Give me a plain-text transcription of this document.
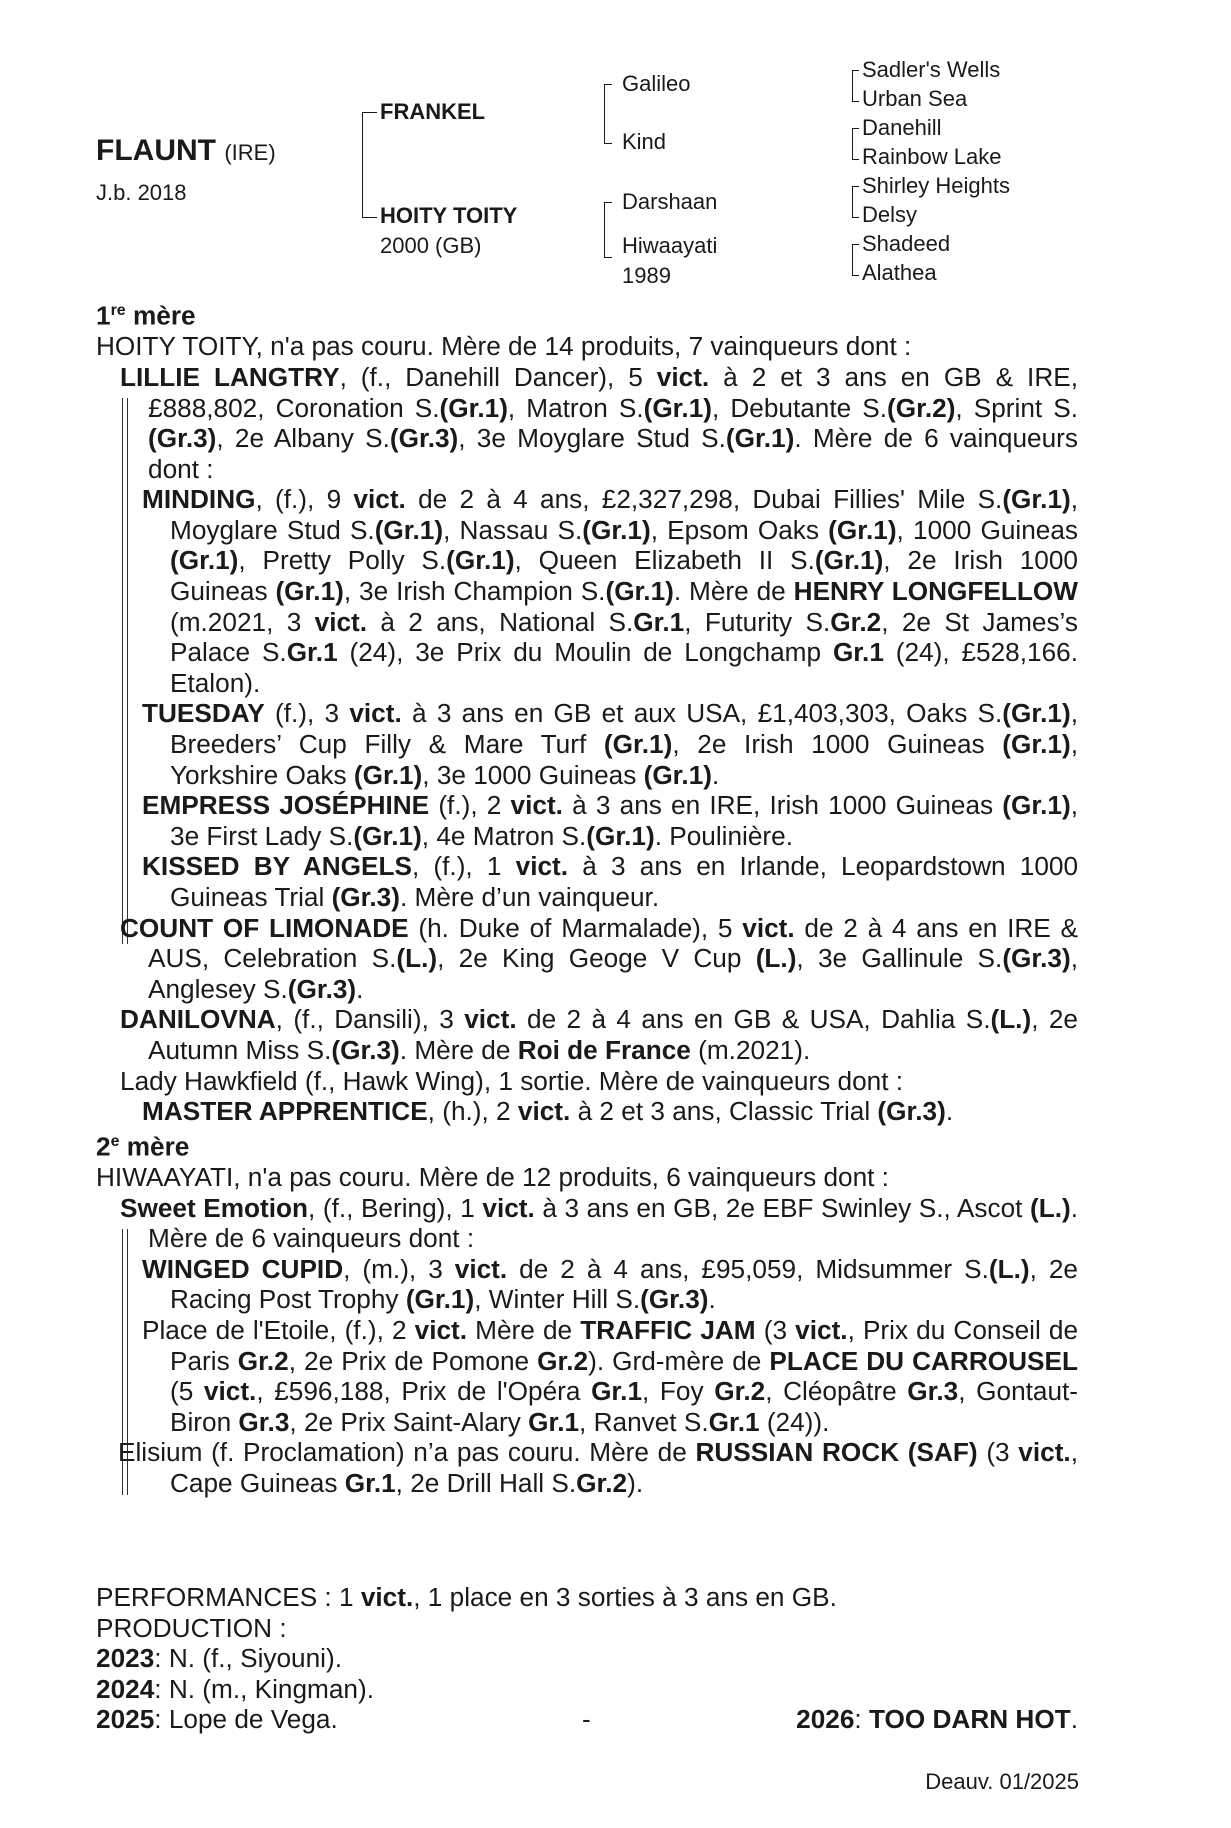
FLAUNT (IRE)
J.b. 2018
FRANKEL
HOITY TOITY
2000 (GB)
Galileo
Kind
Darshaan
Hiwaayati
1989
Sadler's Wells
Urban Sea
Danehill
Rainbow Lake
Shirley Heights
Delsy
Shadeed
Alathea
1re mère
HOITY TOITY, n'a pas couru. Mère de 14 produits, 7 vainqueurs dont :
LILLIE LANGTRY, (f., Danehill Dancer), 5 vict. à 2 et 3 ans en GB & IRE, £888,802, Coronation S.(Gr.1), Matron S.(Gr.1), Debutante S.(Gr.2), Sprint S.(Gr.3), 2e Albany S.(Gr.3), 3e Moyglare Stud S.(Gr.1). Mère de 6 vainqueurs dont :
MINDING, (f.), 9 vict. de 2 à 4 ans, £2,327,298, Dubai Fillies' Mile S.(Gr.1), Moyglare Stud S.(Gr.1), Nassau S.(Gr.1), Epsom Oaks (Gr.1), 1000 Guineas (Gr.1), Pretty Polly S.(Gr.1), Queen Elizabeth II S.(Gr.1), 2e Irish 1000 Guineas (Gr.1), 3e Irish Champion S.(Gr.1). Mère de HENRY LONGFELLOW (m.2021, 3 vict. à 2 ans, National S.Gr.1, Futurity S.Gr.2, 2e St James’s Palace S.Gr.1 (24), 3e Prix du Moulin de Longchamp Gr.1 (24), £528,166. Etalon).
TUESDAY (f.), 3 vict. à 3 ans en GB et aux USA, £1,403,303, Oaks S.(Gr.1), Breeders’ Cup Filly & Mare Turf (Gr.1), 2e Irish 1000 Guineas (Gr.1), Yorkshire Oaks (Gr.1), 3e 1000 Guineas (Gr.1).
EMPRESS JOSÉPHINE (f.), 2 vict. à 3 ans en IRE, Irish 1000 Guineas (Gr.1), 3e First Lady S.(Gr.1), 4e Matron S.(Gr.1). Poulinière.
KISSED BY ANGELS, (f.), 1 vict. à 3 ans en Irlande, Leopardstown 1000 Guineas Trial (Gr.3). Mère d’un vainqueur.
COUNT OF LIMONADE (h. Duke of Marmalade), 5 vict. de 2 à 4 ans en IRE & AUS, Celebration S.(L.), 2e King Geoge V Cup (L.), 3e Gallinule S.(Gr.3), Anglesey S.(Gr.3).
DANILOVNA, (f., Dansili), 3 vict. de 2 à 4 ans en GB & USA, Dahlia S.(L.), 2e Autumn Miss S.(Gr.3). Mère de Roi de France (m.2021).
Lady Hawkfield (f., Hawk Wing), 1 sortie. Mère de vainqueurs dont :
MASTER APPRENTICE, (h.), 2 vict. à 2 et 3 ans, Classic Trial (Gr.3).
2e mère
HIWAAYATI, n'a pas couru. Mère de 12 produits, 6 vainqueurs dont :
Sweet Emotion, (f., Bering), 1 vict. à 3 ans en GB, 2e EBF Swinley S., Ascot (L.). Mère de 6 vainqueurs dont :
WINGED CUPID, (m.), 3 vict. de 2 à 4 ans, £95,059, Midsummer S.(L.), 2e Racing Post Trophy (Gr.1), Winter Hill S.(Gr.3).
Place de l'Etoile, (f.), 2 vict. Mère de TRAFFIC JAM (3 vict., Prix du Conseil de Paris Gr.2, 2e Prix de Pomone Gr.2). Grd-mère de PLACE DU CARROUSEL (5 vict., £596,188, Prix de l'Opéra Gr.1, Foy Gr.2, Cléopâtre Gr.3, Gontaut-Biron Gr.3, 2e Prix Saint-Alary Gr.1, Ranvet S.Gr.1 (24)).
Elisium (f. Proclamation) n’a pas couru. Mère de RUSSIAN ROCK (SAF) (3 vict., Cape Guineas Gr.1, 2e Drill Hall S.Gr.2).
PERFORMANCES : 1 vict., 1 place en 3 sorties à 3 ans en GB.
PRODUCTION :
2023: N. (f., Siyouni).
2024: N. (m., Kingman).
2025: Lope de Vega.	-	2026: TOO DARN HOT.
Deauv. 01/2025
